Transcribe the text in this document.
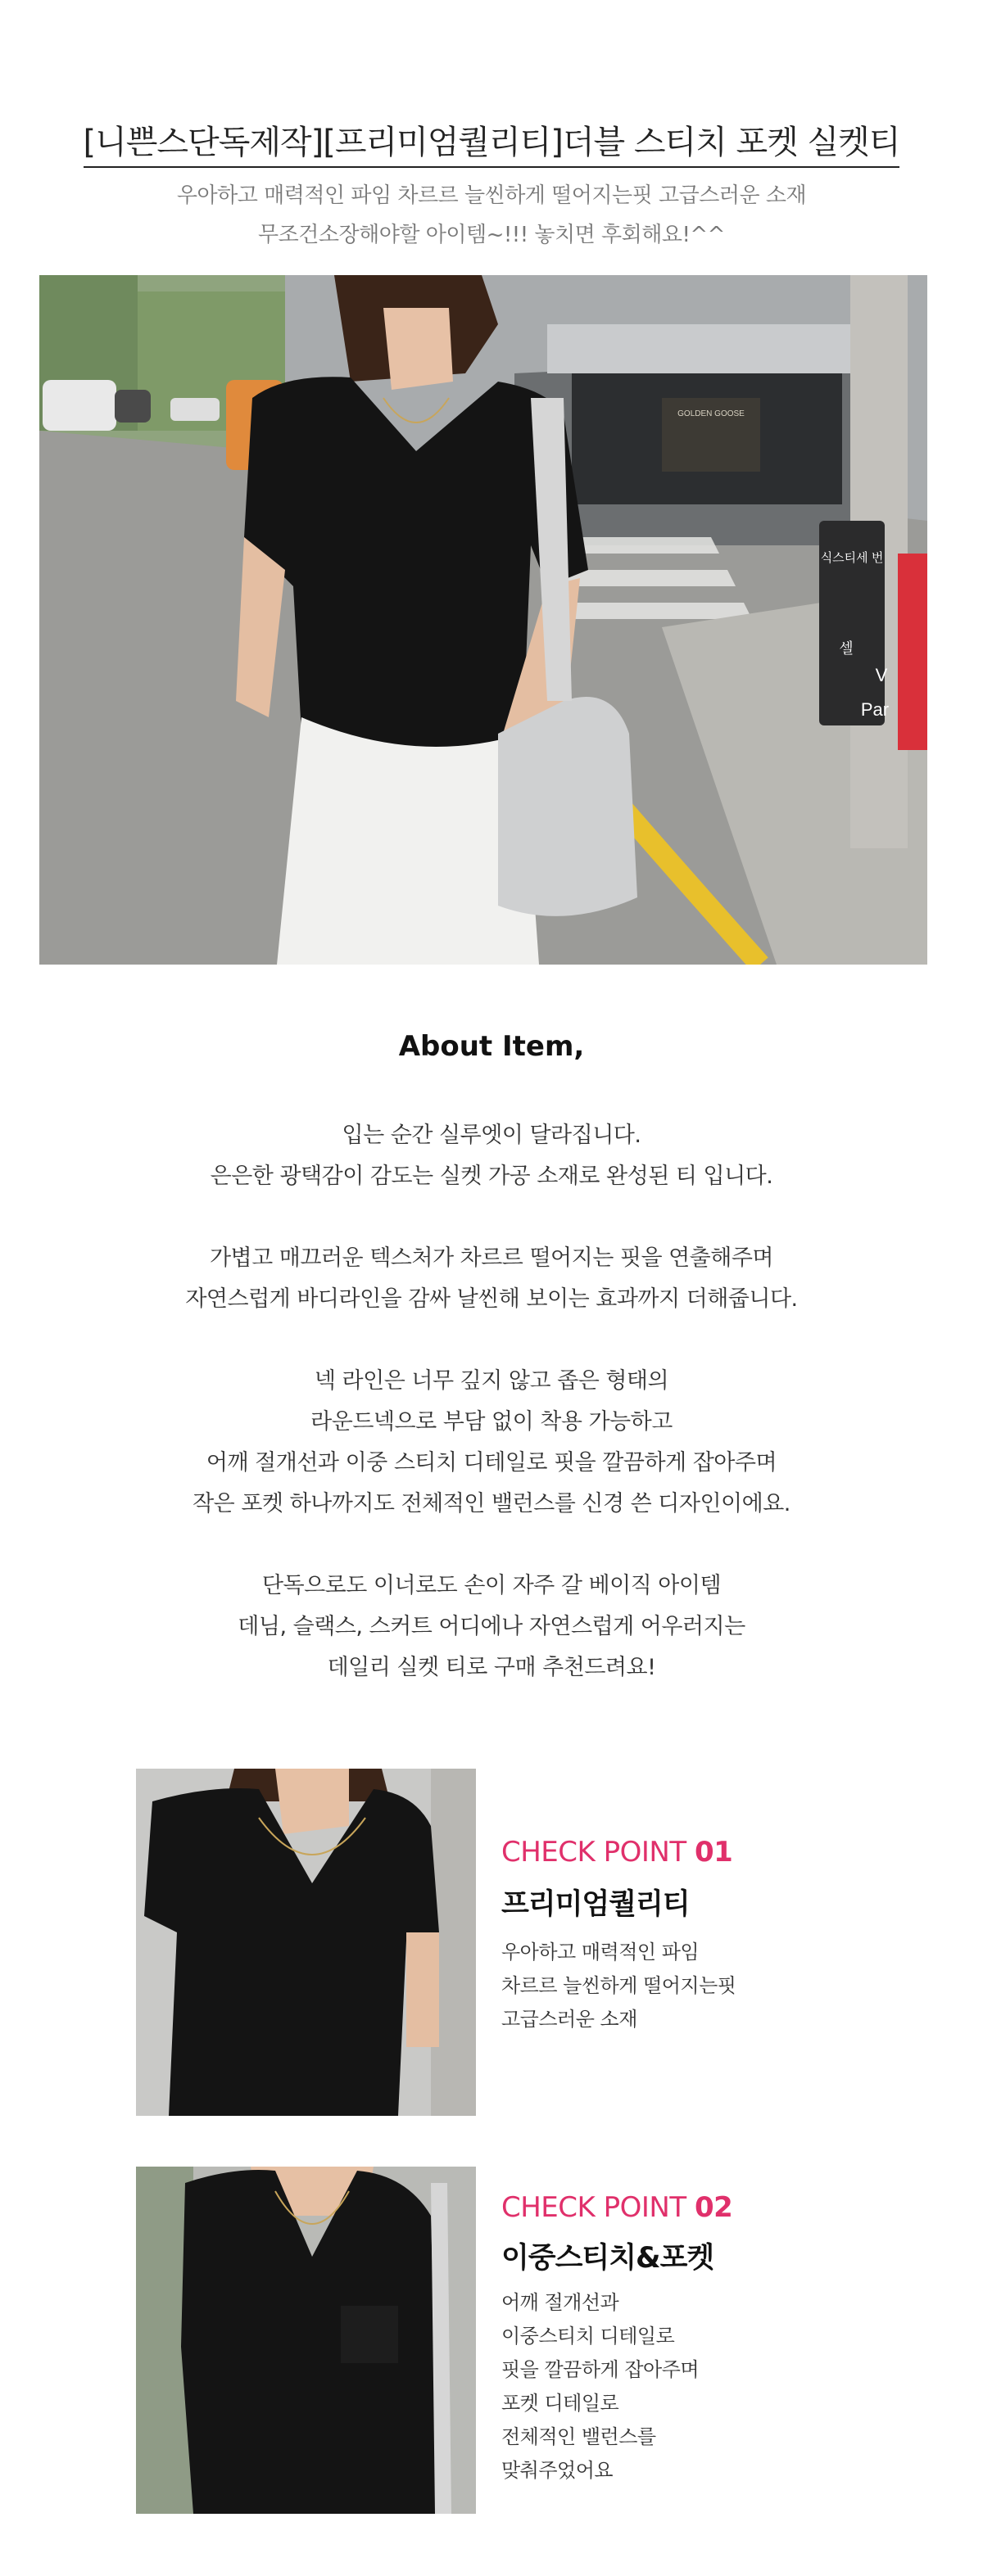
[니쁜스단독제작][프리미엄퀄리티]더블 스티치 포켓 실켓티
우아하고 매력적인 파임 차르르 늘씬하게 떨어지는핏 고급스러운 소재
무조건소장해야할 아이템~!!! 놓치면 후회해요!^^
GOLDEN GOOSE
식스티세 번
셀
V
Par
About Item,

입는 순간 실루엣이 달라집니다.
은은한 광택감이 감도는 실켓 가공 소재로 완성된 티 입니다.

가볍고 매끄러운 텍스처가 차르르 떨어지는 핏을 연출해주며
자연스럽게 바디라인을 감싸 날씬해 보이는 효과까지 더해줍니다.

넥 라인은 너무 깊지 않고 좁은 형태의
라운드넥으로 부담 없이 착용 가능하고
어깨 절개선과 이중 스티치 디테일로 핏을 깔끔하게 잡아주며
작은 포켓 하나까지도 전체적인 밸런스를 신경 쓴 디자인이에요.

단독으로도 이너로도 손이 자주 갈 베이직 아이템
데님, 슬랙스, 스커트 어디에나 자연스럽게 어우러지는
데일리 실켓 티로 구매 추천드려요!

CHECK POINT 01
프리미엄퀄리티
우아하고 매력적인 파임
차르르 늘씬하게 떨어지는핏
고급스러운 소재
CHECK POINT 02
이중스티치&포켓
어깨 절개선과
이중스티치 디테일로
핏을 깔끔하게 잡아주며
포켓 디테일로
전체적인 밸런스를
맞춰주었어요
